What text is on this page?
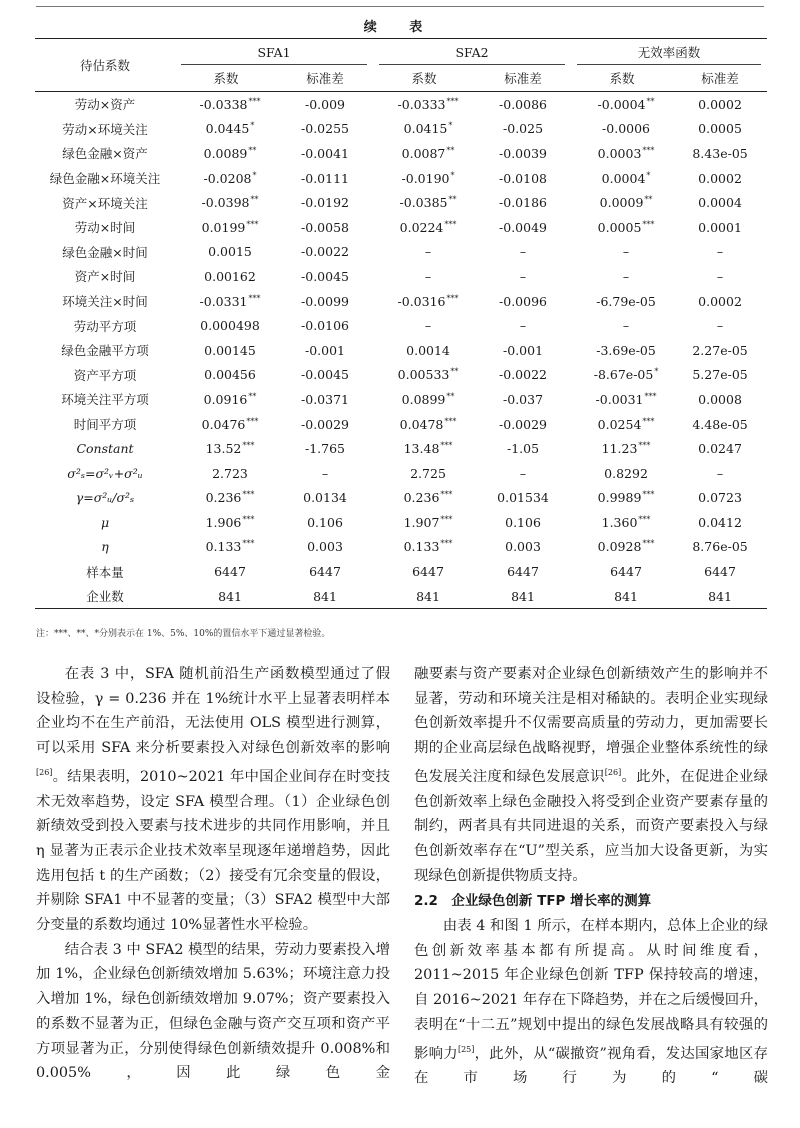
续 表
待估系数	SFA1		SFA2		无效率函数	
	系数	标准差	系数	标准差	系数	标准差
劳动×资产	-0.0338***	-0.009	-0.0333***	-0.0086	-0.0004**	0.0002
劳动×环境关注	0.0445*	-0.0255	0.0415*	-0.025	-0.0006	0.0005
绿色金融×资产	0.0089**	-0.0041	0.0087**	-0.0039	0.0003***	8.43e-05
绿色金融×环境关注	-0.0208*	-0.0111	-0.0190*	-0.0108	0.0004*	0.0002
资产×环境关注	-0.0398**	-0.0192	-0.0385**	-0.0186	0.0009**	0.0004
劳动×时间	0.0199***	-0.0058	0.0224***	-0.0049	0.0005***	0.0001
绿色金融×时间	0.0015	-0.0022	–	–	–	–
资产×时间	0.00162	-0.0045	–	–	–	–
环境关注×时间	-0.0331***	-0.0099	-0.0316***	-0.0096	-6.79e-05	0.0002
劳动平方项	0.000498	-0.0106	–	–	–	–
绿色金融平方项	0.00145	-0.001	0.0014	-0.001	-3.69e-05	2.27e-05
资产平方项	0.00456	-0.0045	0.00533**	-0.0022	-8.67e-05*	5.27e-05
环境关注平方项	0.0916**	-0.0371	0.0899**	-0.037	-0.0031***	0.0008
时间平方项	0.0476***	-0.0029	0.0478***	-0.0029	0.0254***	4.48e-05
Constant	13.52***	-1.765	13.48***	-1.05	11.23***	0.0247
σ²ₛ=σ²ᵥ+σ²ᵤ	2.723	–	2.725	–	0.8292	–
γ=σ²ᵤ/σ²ₛ	0.236***	0.0134	0.236***	0.01534	0.9989***	0.0723
μ	1.906***	0.106	1.907***	0.106	1.360***	0.0412
η	0.133***	0.003	0.133***	0.003	0.0928***	8.76e-05
样本量	6447	6447	6447	6447	6447	6447
企业数	841	841	841	841	841	841
注：***、**、*分别表示在 1%、5%、10%的置信水平下通过显著检验。

在表 3 中，SFA 随机前沿生产函数模型通过了假设检验，γ = 0.236 并在 1%统计水平上显著表明样本企业均不在生产前沿，无法使用 OLS 模型进行测算，可以采用 SFA 来分析要素投入对绿色创新效率的影响[26]。结果表明，2010~2021 年中国企业间存在时变技术无效率趋势，设定 SFA 模型合理。（1）企业绿色创新绩效受到投入要素与技术进步的共同作用影响，并且 η 显著为正表示企业技术效率呈现逐年递增趋势，因此选用包括 t 的生产函数；（2）接受有冗余变量的假设，并剔除 SFA1 中不显著的变量；（3）SFA2 模型中大部分变量的系数均通过 10%显著性水平检验。

结合表 3 中 SFA2 模型的结果，劳动力要素投入增加 1%，企业绿色创新绩效增加 5.63%；环境注意力投入增加 1%，绿色创新绩效增加 9.07%；资产要素投入的系数不显著为正，但绿色金融与资产交互项和资产平方项显著为正，分别使得绿色创新绩效提升 0.008%和 0.005%，因此绿色金

融要素与资产要素对企业绿色创新绩效产生的影响并不显著，劳动和环境关注是相对稀缺的。表明企业实现绿色创新效率提升不仅需要高质量的劳动力，更加需要长期的企业高层绿色战略视野，增强企业整体系统性的绿色发展关注度和绿色发展意识[26]。此外，在促进企业绿色创新效率上绿色金融投入将受到企业资产要素存量的制约，两者具有共同进退的关系，而资产要素投入与绿色创新效率存在“U”型关系，应当加大设备更新，为实现绿色创新提供物质支持。

2.2　企业绿色创新 TFP 增长率的测算

由表 4 和图 1 所示，在样本期内，总体上企业的绿色创新效率基本都有所提高。从时间维度看，2011~2015 年企业绿色创新 TFP 保持较高的增速，自 2016~2021 年存在下降趋势，并在之后缓慢回升，表明在“十二五”规划中提出的绿色发展战略具有较强的影响力[25]，此外，从“碳撤资”视角看，发达国家地区存在市场行为的“碳
